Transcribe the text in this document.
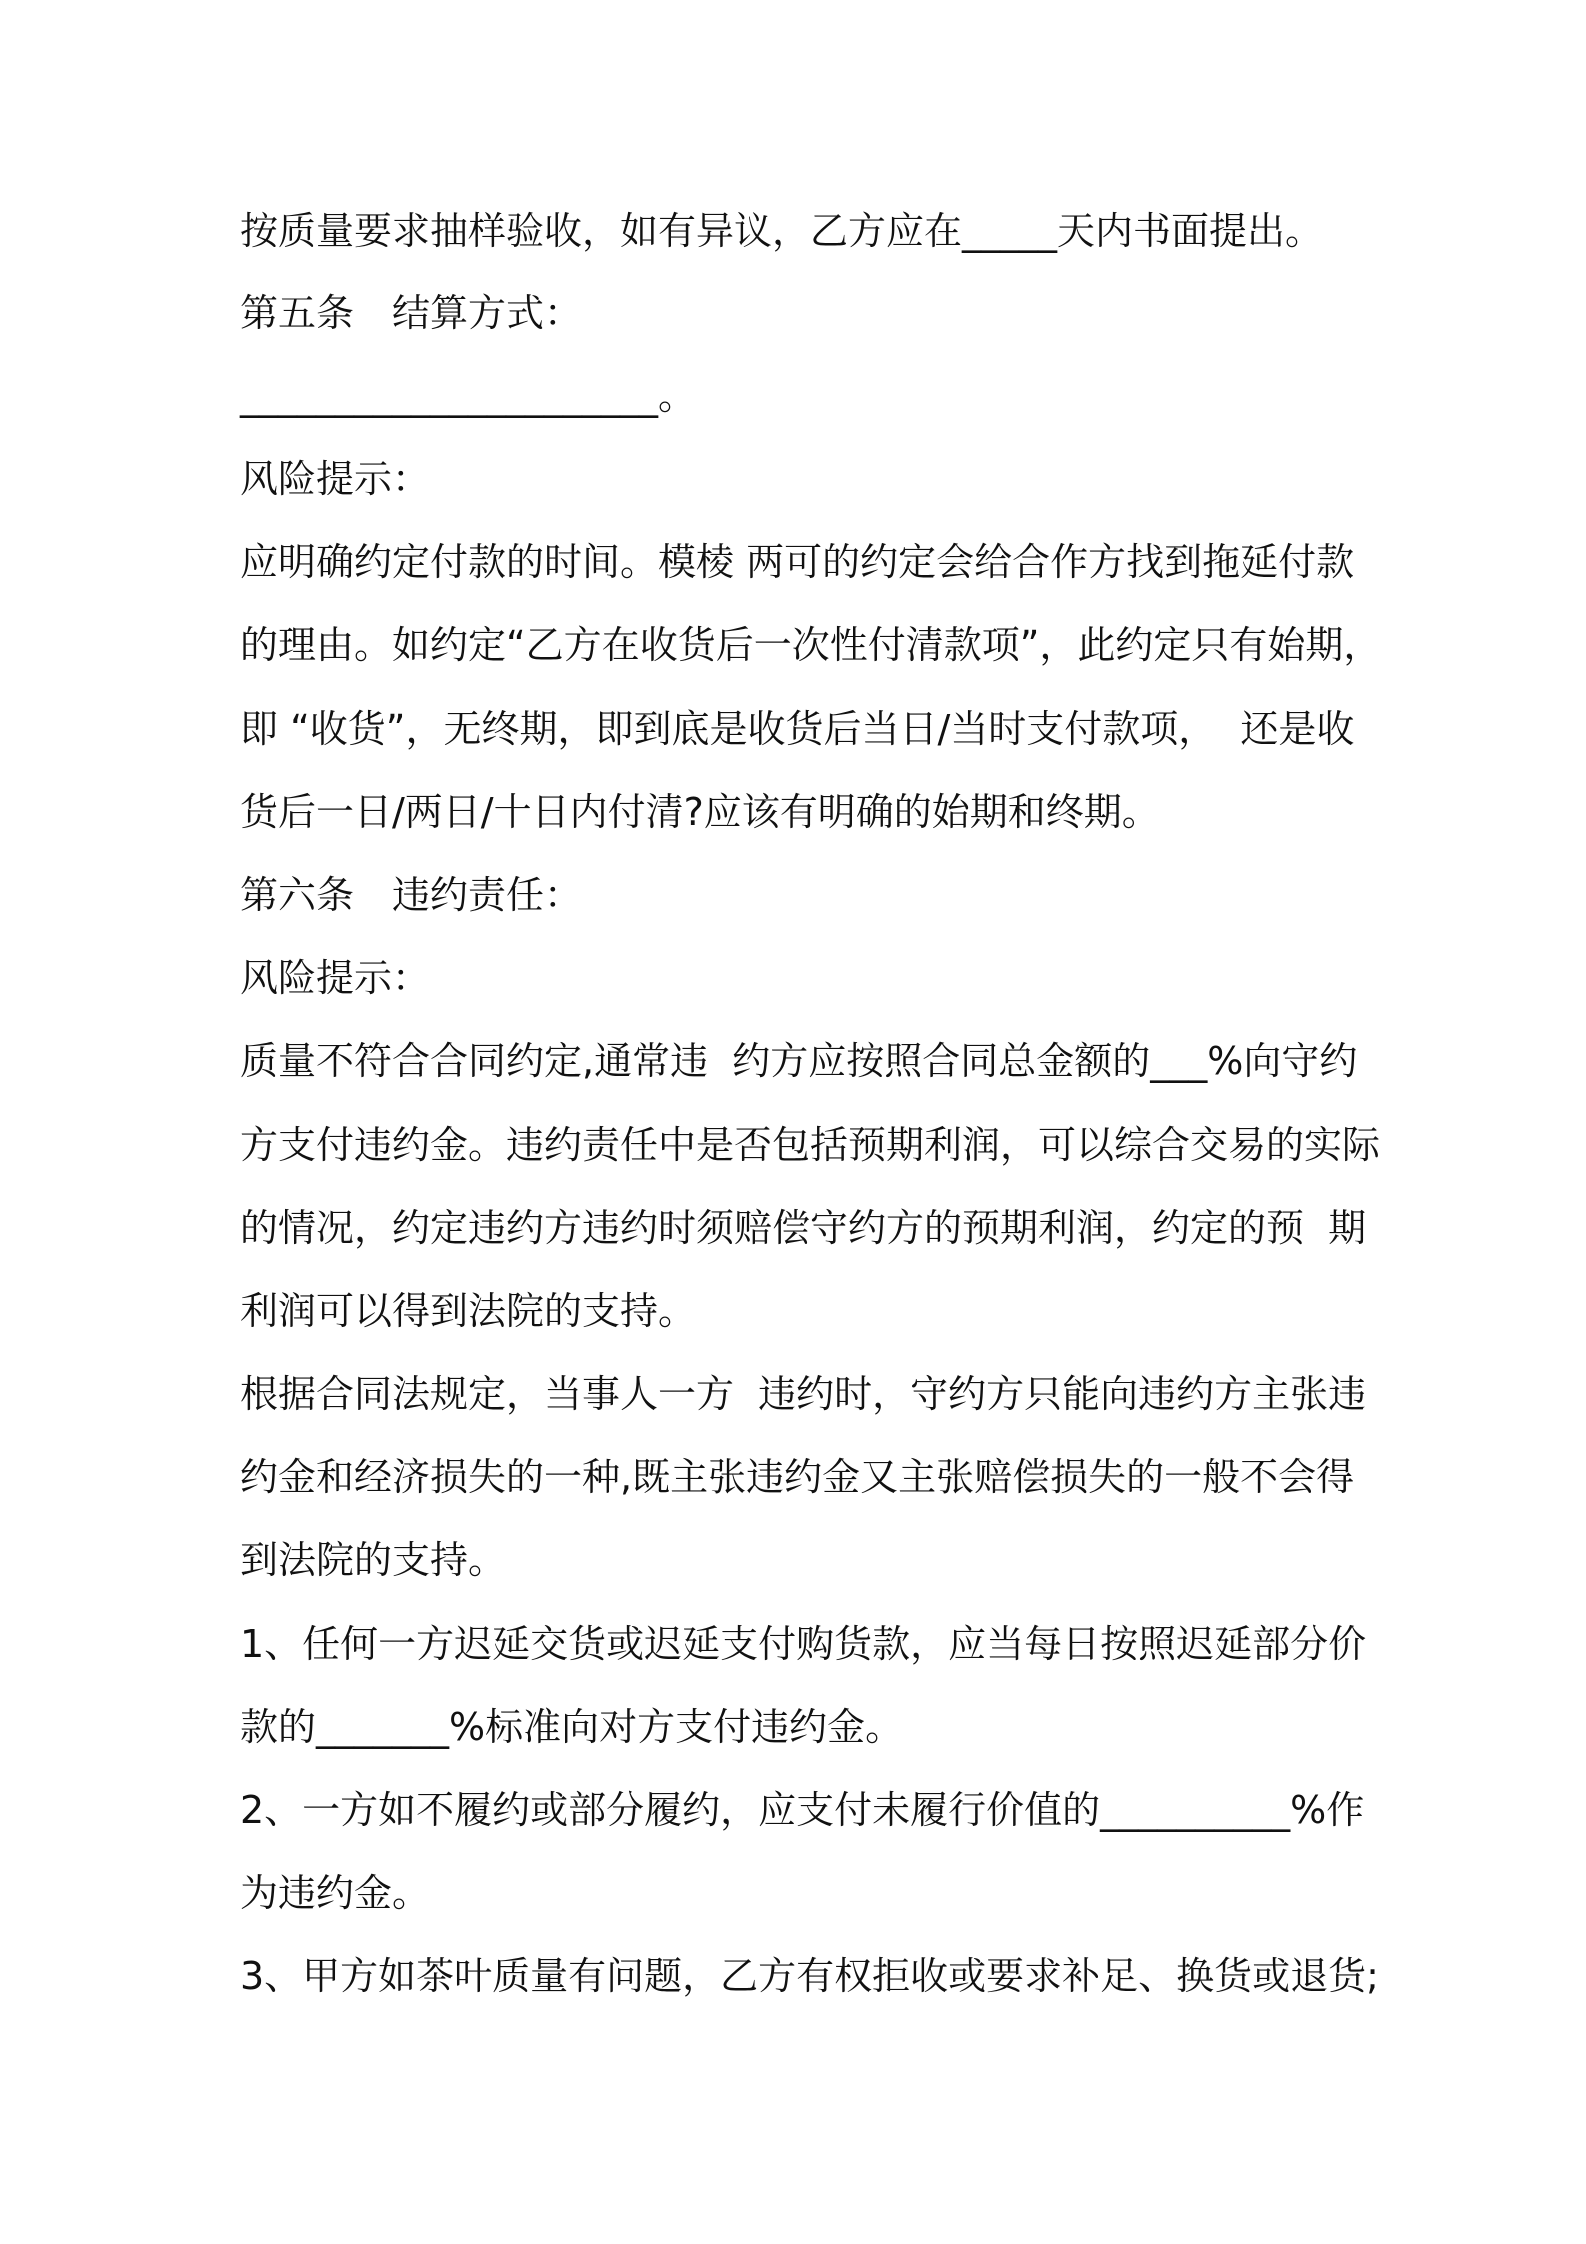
按质量要求抽样验收，如有异议，乙方应在_____天内书面提出。
第五条　结算方式：
______________________。
风险提示：
应明确约定付款的时间。模棱 两可的约定会给合作方找到拖延付款
的理由。如约定“乙方在收货后一次性付清款项”，此约定只有始期，
即 “收货”，无终期，即到底是收货后当日/当时支付款项，  还是收
货后一日/两日/十日内付清?应该有明确的始期和终期。
第六条　违约责任：
风险提示：
质量不符合合同约定,通常违  约方应按照合同总金额的___%向守约
方支付违约金。违约责任中是否包括预期利润，可以综合交易的实际
的情况，约定违约方违约时须赔偿守约方的预期利润，约定的预  期
利润可以得到法院的支持。
根据合同法规定，当事人一方  违约时，守约方只能向违约方主张违
约金和经济损失的一种,既主张违约金又主张赔偿损失的一般不会得
到法院的支持。
1、任何一方迟延交货或迟延支付购货款，应当每日按照迟延部分价
款的_______%标准向对方支付违约金。
2、一方如不履约或部分履约，应支付未履行价值的__________%作
为违约金。
3、甲方如茶叶质量有问题，乙方有权拒收或要求补足、换货或退货;
